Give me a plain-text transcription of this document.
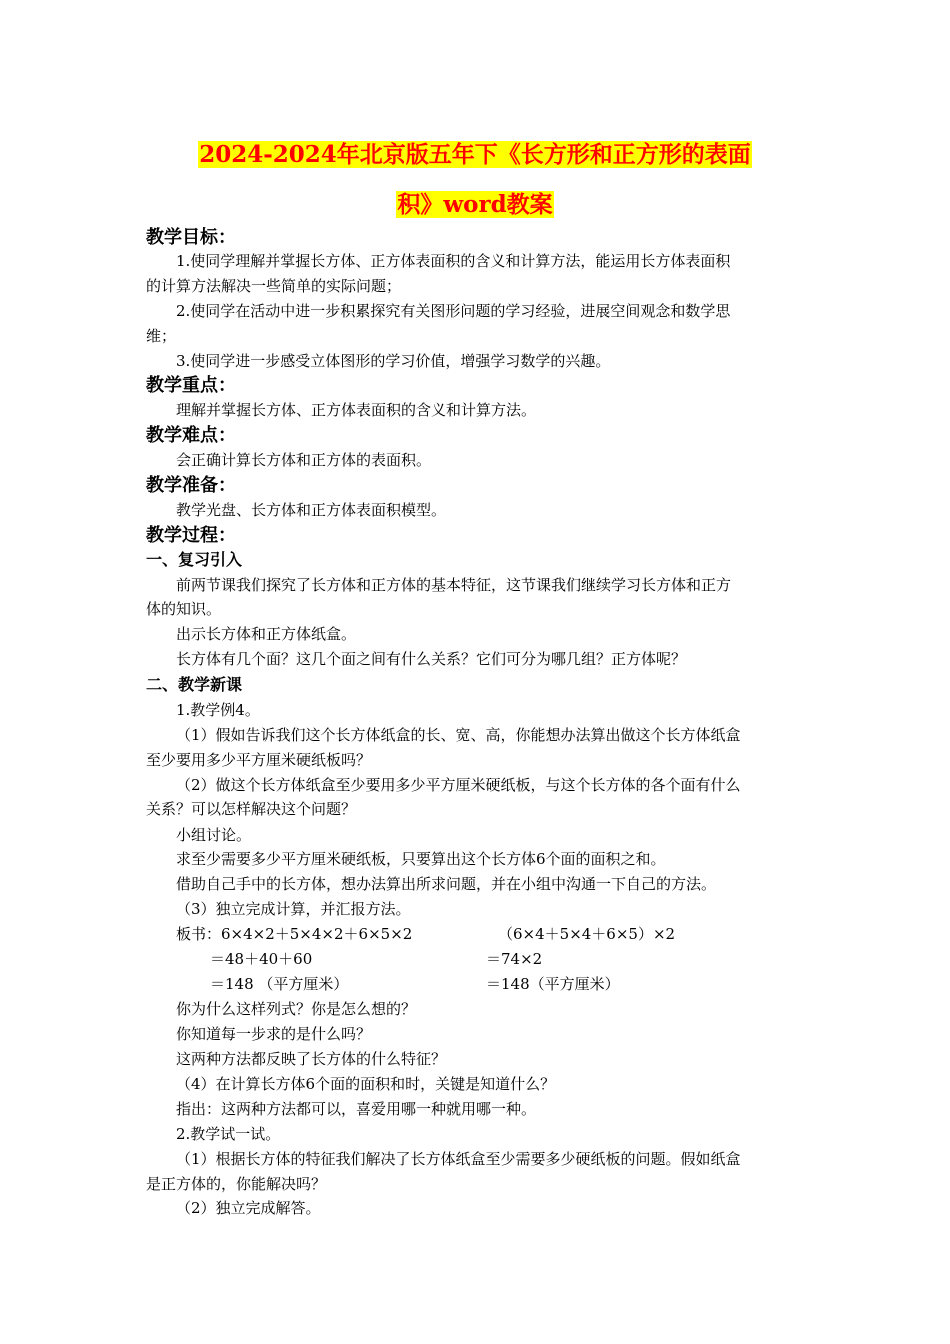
2024-2024年北京版五年下《长方形和正方形的表面
积》word教案
教学目标：
1.使同学理解并掌握长方体、正方体表面积的含义和计算方法，能运用长方体表面积
的计算方法解决一些简单的实际问题；
2.使同学在活动中进一步积累探究有关图形问题的学习经验，进展空间观念和数学思
维；
3.使同学进一步感受立体图形的学习价值，增强学习数学的兴趣。
教学重点：
理解并掌握长方体、正方体表面积的含义和计算方法。
教学难点：
会正确计算长方体和正方体的表面积。
教学准备：
教学光盘、长方体和正方体表面积模型。
教学过程：
一、复习引入
前两节课我们探究了长方体和正方体的基本特征，这节课我们继续学习长方体和正方
体的知识。
出示长方体和正方体纸盒。
长方体有几个面？这几个面之间有什么关系？它们可分为哪几组？正方体呢？
二、教学新课
1.教学例4。
（1）假如告诉我们这个长方体纸盒的长、宽、高，你能想办法算出做这个长方体纸盒
至少要用多少平方厘米硬纸板吗？
（2）做这个长方体纸盒至少要用多少平方厘米硬纸板，与这个长方体的各个面有什么
关系？可以怎样解决这个问题？
小组讨论。
求至少需要多少平方厘米硬纸板，只要算出这个长方体6个面的面积之和。
借助自己手中的长方体，想办法算出所求问题，并在小组中沟通一下自己的方法。
（3）独立完成计算，并汇报方法。
板书：6×4×2＋5×4×2＋6×5×2
＝48＋40＋60
＝148 （平方厘米）
（6×4＋5×4＋6×5）×2
＝74×2
＝148（平方厘米）
你为什么这样列式？你是怎么想的？
你知道每一步求的是什么吗？
这两种方法都反映了长方体的什么特征？
（4）在计算长方体6个面的面积和时，关键是知道什么？
指出：这两种方法都可以，喜爱用哪一种就用哪一种。
2.教学试一试。
（1）根据长方体的特征我们解决了长方体纸盒至少需要多少硬纸板的问题。假如纸盒
是正方体的，你能解决吗？
（2）独立完成解答。
